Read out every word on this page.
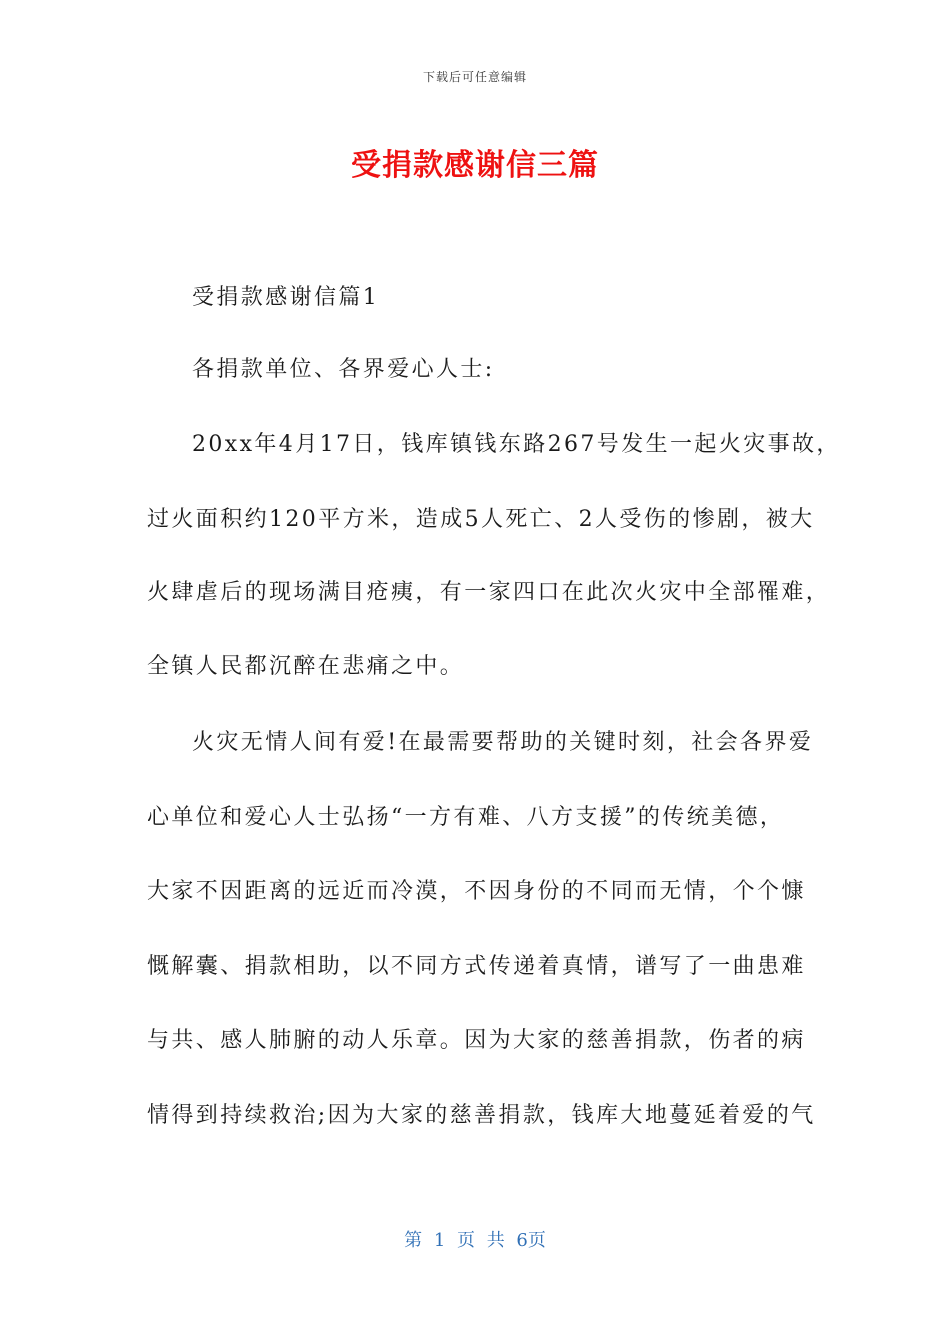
下载后可任意编辑
受捐款感谢信三篇
受捐款感谢信篇1
各捐款单位、各界爱心人士:
20xx年4月17日，钱库镇钱东路267号发生一起火灾事故，
过火面积约120平方米，造成5人死亡、2人受伤的惨剧，被大
火肆虐后的现场满目疮痍，有一家四口在此次火灾中全部罹难，
全镇人民都沉醉在悲痛之中。
火灾无情人间有爱!在最需要帮助的关键时刻，社会各界爱
心单位和爱心人士弘扬“一方有难、八方支援”的传统美德，
大家不因距离的远近而冷漠，不因身份的不同而无情，个个慷
慨解囊、捐款相助，以不同方式传递着真情，谱写了一曲患难
与共、感人肺腑的动人乐章。因为大家的慈善捐款，伤者的病
情得到持续救治;因为大家的慈善捐款，钱库大地蔓延着爱的气
第 1 页 共 6页
